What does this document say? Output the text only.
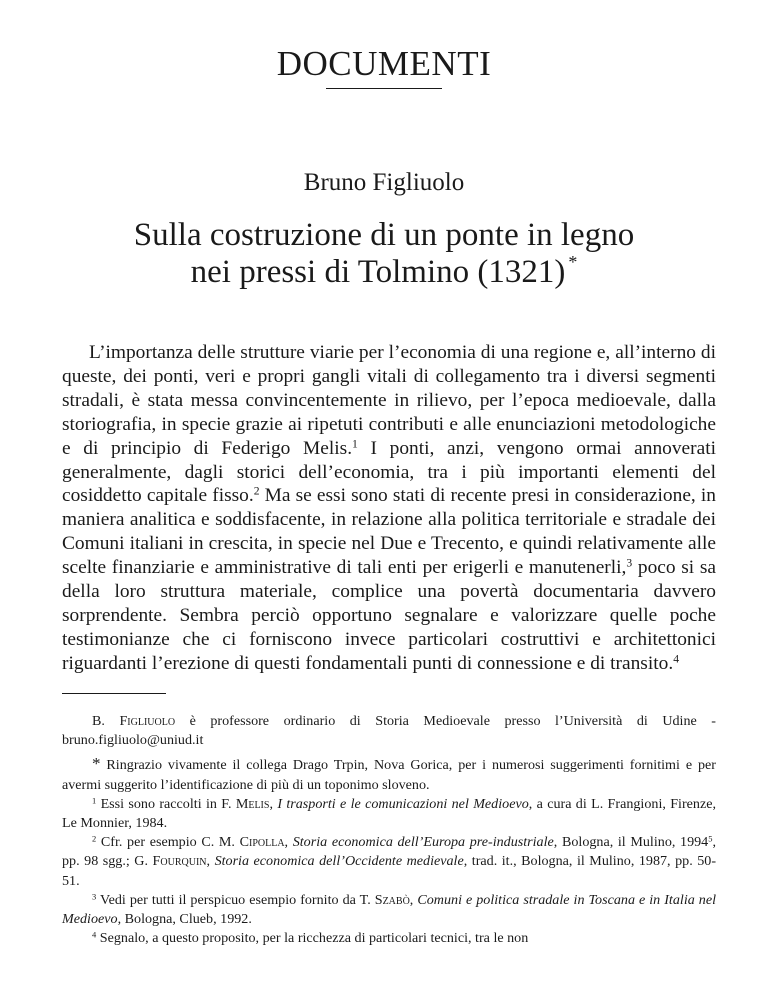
DOCUMENTI
Bruno Figliuolo
Sulla costruzione di un ponte in legno
nei pressi di Tolmino (1321) *

L’importanza delle strutture viarie per l’economia di una regione e, all’interno di queste, dei ponti, veri e propri gangli vitali di collegamento tra i diversi segmenti stradali, è stata messa convincentemente in rilievo, per l’epoca medioevale, dalla storiografia, in specie grazie ai ripetuti contributi e alle enunciazioni metodologiche e di principio di Federigo Melis.$^1$ I ponti, anzi, vengono ormai annoverati generalmente, dagli storici dell’economia, tra i più importanti elementi del cosiddetto capitale fisso.$^2$ Ma se essi sono stati di recente presi in considerazione, in maniera analitica e soddisfacente, in relazione alla politica territoriale e stradale dei Comuni italiani in crescita, in specie nel Due e Trecento, e quindi relativamente alle scelte finanziarie e amministrative di tali enti per erigerli e manutenerli,$^3$ poco si sa della loro struttura materiale, complice una povertà documentaria davvero sorprendente. Sembra perciò opportuno segnalare e valorizzare quelle poche testimonianze che ci forniscono invece particolari costruttivi e architettonici riguardanti l’erezione di questi fondamentali punti di connessione e di transito.$^4$

B. Figliuolo è professore ordinario di Storia Medioevale presso l’Università di Udine - bruno.figliuolo@uniud.it

* Ringrazio vivamente il collega Drago Trpin, Nova Gorica, per i numerosi suggerimenti fornitimi e per avermi suggerito l’identificazione di più di un toponimo sloveno.

$^1$ Essi sono raccolti in F. Melis, I trasporti e le comunicazioni nel Medioevo, a cura di L. Frangioni, Firenze, Le Monnier, 1984.

$^2$ Cfr. per esempio C. M. Cipolla, Storia economica dell’Europa pre-industriale, Bologna, il Mulino, 1994$^5$, pp. 98 sgg.; G. Fourquin, Storia economica dell’Occidente medievale, trad. it., Bologna, il Mulino, 1987, pp. 50-51.

$^3$ Vedi per tutti il perspicuo esempio fornito da T. Szabò, Comuni e politica stradale in Toscana e in Italia nel Medioevo, Bologna, Clueb, 1992.

$^4$ Segnalo, a questo proposito, per la ricchezza di particolari tecnici, tra le non
